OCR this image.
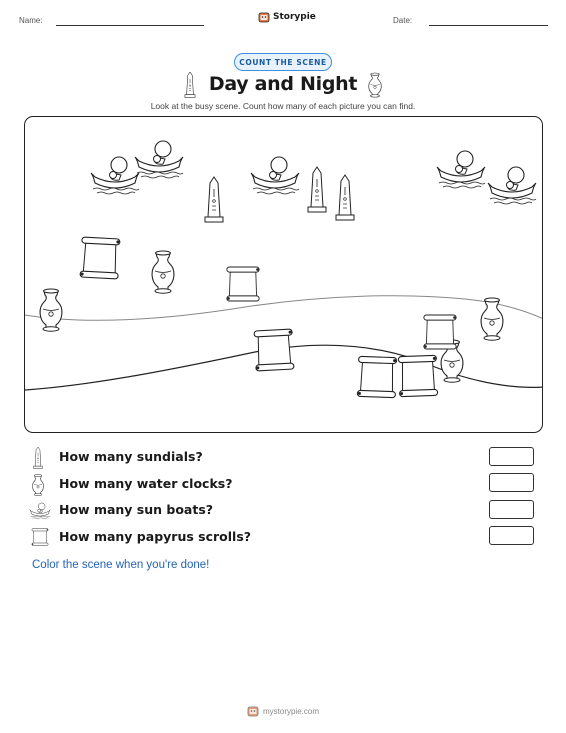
Name:	Storypie	Date:
COUNT THE SCENE
Day and Night
Look at the busy scene. Count how many of each picture you can find.
How many sundials?
How many water clocks?
How many sun boats?
How many papyrus scrolls?
Color the scene when you're done!
mystorypie.com
